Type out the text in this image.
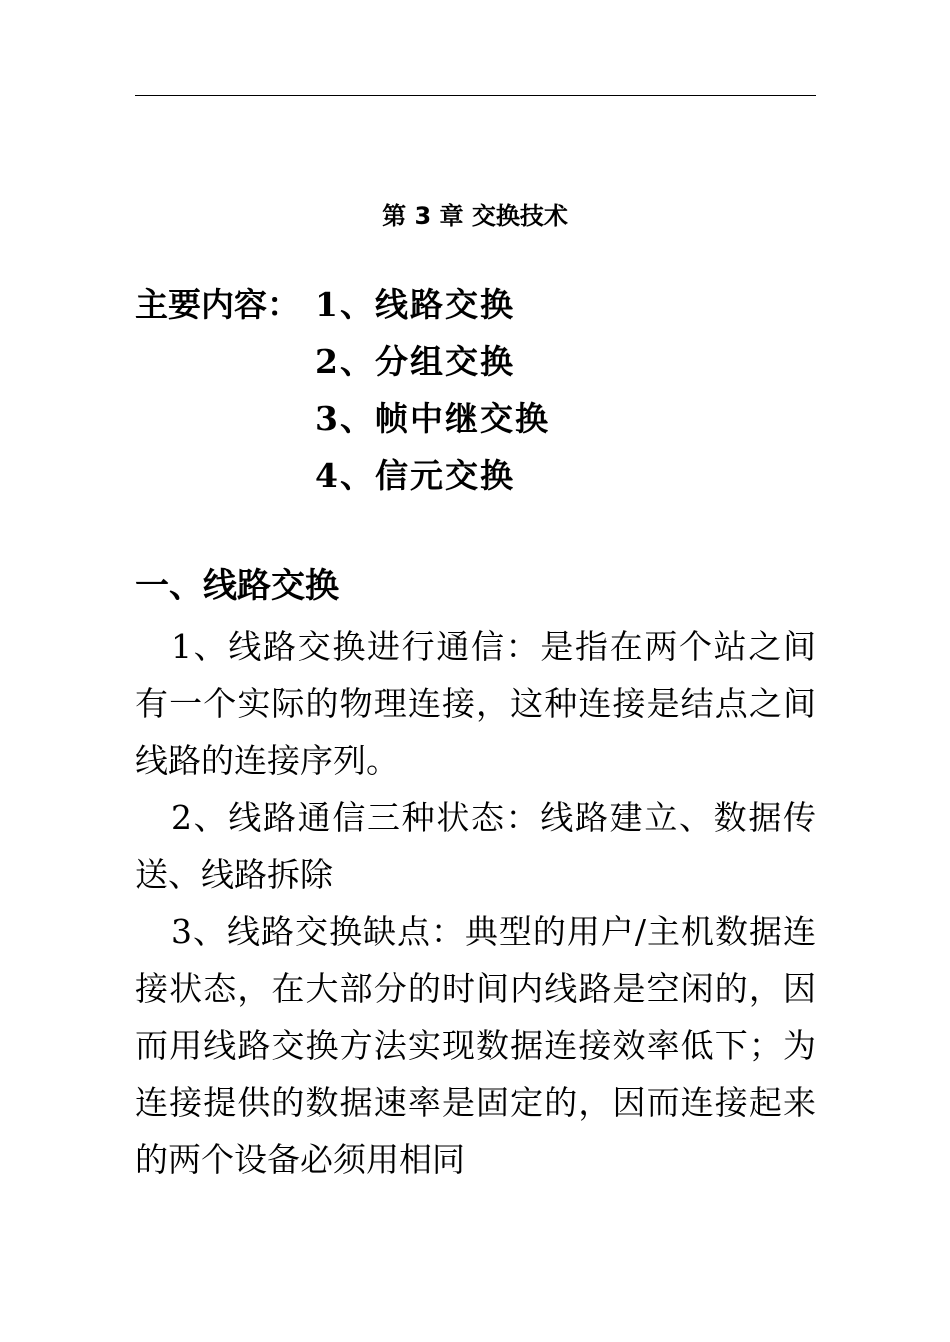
第 3 章 交换技术
主要内容： 1、线路交换
2、分组交换
3、帧中继交换
4、信元交换
一、线路交换

1、线路交换进行通信：是指在两个站之间有一个实际的物理连接，这种连接是结点之间线路的连接序列。

2、线路通信三种状态：线路建立、数据传送、线路拆除

3、线路交换缺点：典型的用户/主机数据连接状态，在大部分的时间内线路是空闲的，因而用线路交换方法实现数据连接效率低下；为连接提供的数据速率是固定的，因而连接起来的两个设备必须用相同
